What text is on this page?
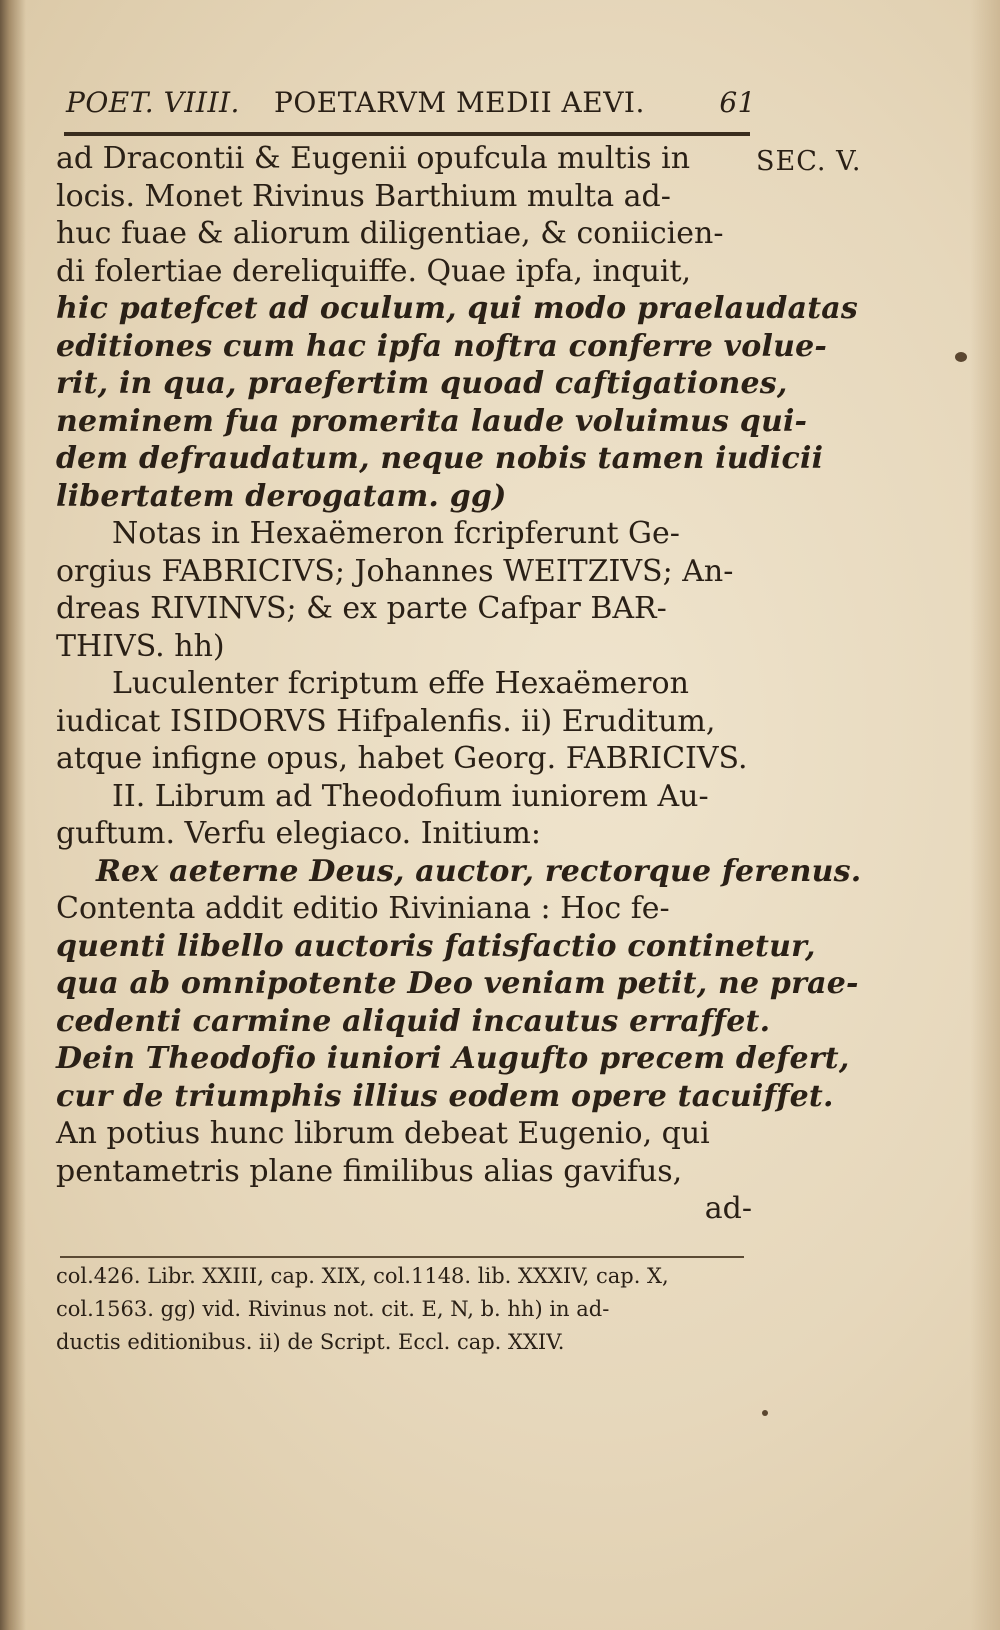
POET. VIIII. POETARVM MEDII AEVI.	61
SEC. V.
ad Dracontii & Eugenii opufcula multis in
locis. Monet Rivinus Barthium multa ad-
huc fuae & aliorum diligentiae, & coniicien-
di folertiae dereliquiffe. Quae ipfa, inquit,
hic patefcet ad oculum, qui modo praelaudatas
editiones cum hac ipfa noftra conferre volue-
rit, in qua, praefertim quoad caftigationes,
neminem fua promerita laude voluimus qui-
dem defraudatum, neque nobis tamen iudicii
libertatem derogatam. gg)
Notas in Hexaëmeron fcripferunt Ge-
orgius FABRICIVS; Johannes WEITZIVS; An-
dreas RIVINVS; & ex parte Cafpar BAR-
THIVS. hh)
Luculenter fcriptum effe Hexaëmeron
iudicat ISIDORVS Hifpalenfis. ii) Eruditum,
atque infigne opus, habet Georg. FABRICIVS.
II. Librum ad Theodofium iuniorem Au-
guftum. Verfu elegiaco. Initium:
Rex aeterne Deus, auctor, rectorque ferenus.
Contenta addit editio Riviniana : Hoc fe-
quenti libello auctoris fatisfactio continetur,
qua ab omnipotente Deo veniam petit, ne prae-
cedenti carmine aliquid incautus erraffet.
Dein Theodofio iuniori Augufto precem defert,
cur de triumphis illius eodem opere tacuiffet.
An potius hunc librum debeat Eugenio, qui
pentametris plane fimilibus alias gavifus,
ad-
col.426. Libr. XXIII, cap. XIX, col.1148. lib. XXXIV, cap. X,
col.1563. gg) vid. Rivinus not. cit. E, N, b. hh) in ad-
ductis editionibus. ii) de Script. Eccl. cap. XXIV.
